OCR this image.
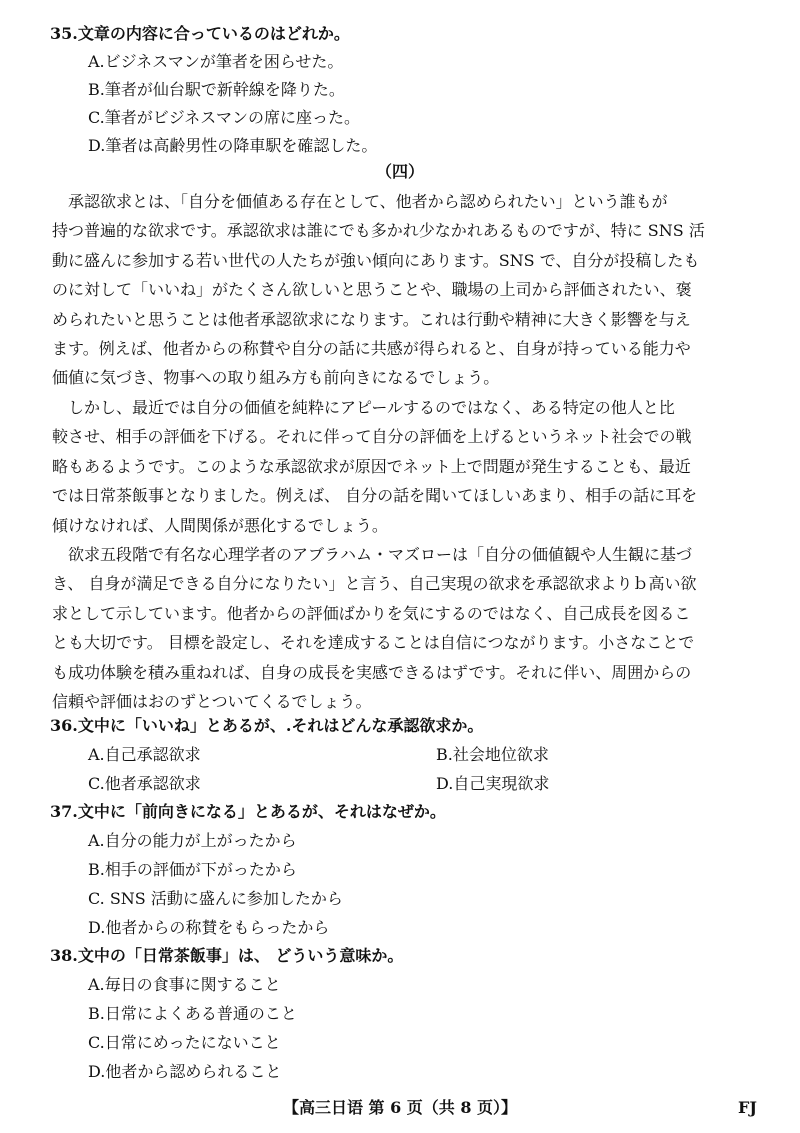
35.文章の内容に合っているのはどれか。
A.ビジネスマンが筆者を困らせた。
B.筆者が仙台駅で新幹線を降りた。
C.筆者がビジネスマンの席に座った。
D.筆者は高齢男性の降車駅を確認した。
（四）
　承認欲求とは、「自分を価値ある存在として、他者から認められたい」という誰もが
持つ普遍的な欲求です。承認欲求は誰にでも多かれ少なかれあるものですが、特に SNS 活
動に盛んに参加する若い世代の人たちが強い傾向にあります。SNS で、自分が投稿したも
のに対して「いいね」がたくさん欲しいと思うことや、職場の上司から評価されたい、褒
められたいと思うことは他者承認欲求になります。これは行動や精神に大きく影響を与え
ます。例えば、他者からの称賛や自分の話に共感が得られると、自身が持っている能力や
価値に気づき、物事への取り組み方も前向きになるでしょう。
　しかし、最近では自分の価値を純粋にアピールするのではなく、ある特定の他人と比
較させ、相手の評価を下げる。それに伴って自分の評価を上げるというネット社会での戦
略もあるようです。このような承認欲求が原因でネット上で問題が発生することも、最近
では日常茶飯事となりました。例えば、 自分の話を聞いてほしいあまり、相手の話に耳を
傾けなければ、人間関係が悪化するでしょう。
　欲求五段階で有名な心理学者のアブラハム・マズローは「自分の価値観や人生観に基づ
き、 自身が満足できる自分になりたい」と言う、自己実現の欲求を承認欲求よりｂ高い欲
求として示しています。他者からの評価ばかりを気にするのではなく、自己成長を図るこ
とも大切です。 目標を設定し、それを達成することは自信につながります。小さなことで
も成功体験を積み重ねれば、自身の成長を実感できるはずです。それに伴い、周囲からの
信頼や評価はおのずとついてくるでしょう。
36.文中に「いいね」とあるが、.それはどんな承認欲求か。
A.自己承認欲求	B.社会地位欲求
C.他者承認欲求	D.自己実現欲求
37.文中に「前向きになる」とあるが、それはなぜか。
A.自分の能力が上がったから
B.相手の評価が下がったから
C. SNS 活動に盛んに参加したから
D.他者からの称賛をもらったから
38.文中の「日常茶飯事」は、 どういう意味か。
A.毎日の食事に関すること
B.日常によくある普通のこと
C.日常にめったにないこと
D.他者から認められること
【高三日语 第 6 页（共 8 页）】	FJ
